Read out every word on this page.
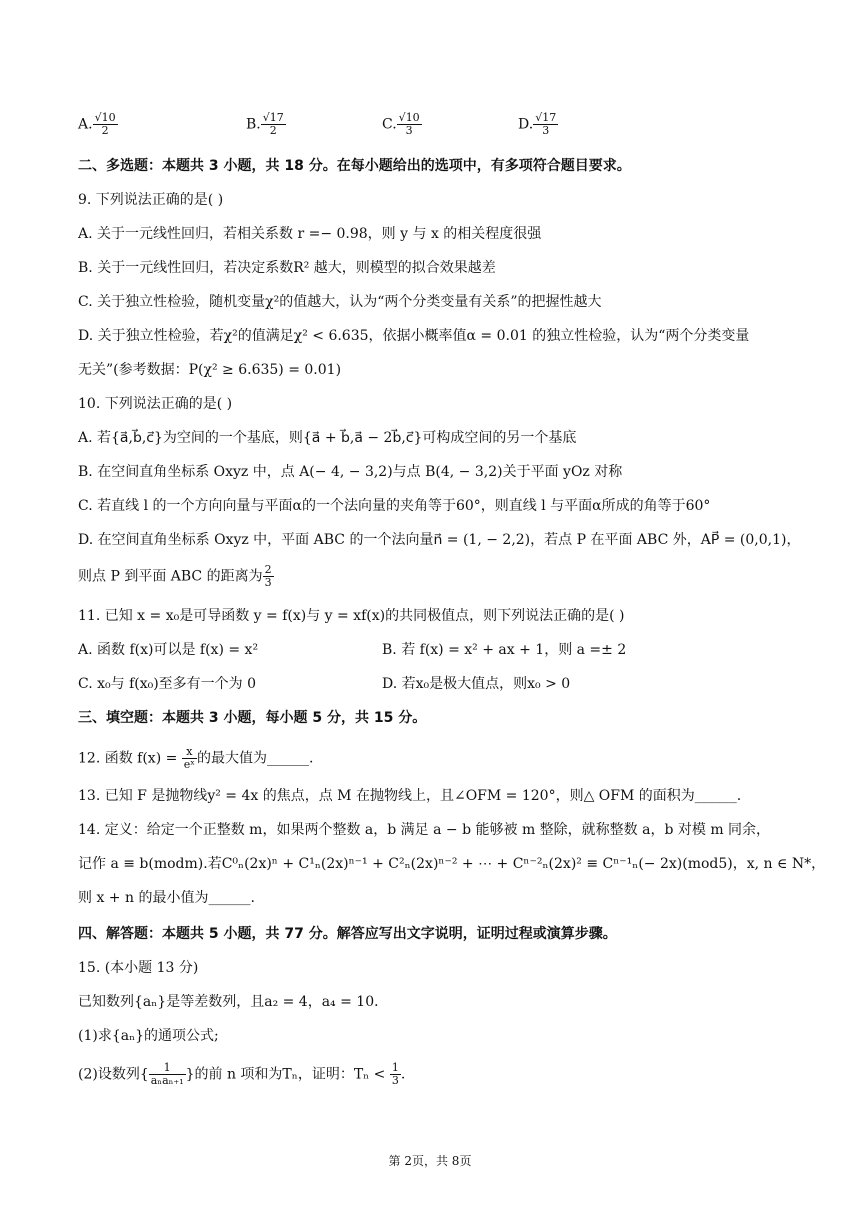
A. $\frac{√10}{2}$	B. $\frac{√17}{2}$	C. $\frac{√10}{3}$	D. $\frac{√17}{3}$
二、多选题：本题共 3 小题，共 18 分。在每小题给出的选项中，有多项符合题目要求。
9. 下列说法正确的是( )
A. 关于一元线性回归，若相关系数 r =− 0.98，则 y 与 x 的相关程度很强
B. 关于一元线性回归，若决定系数R² 越大，则模型的拟合效果越差
C. 关于独立性检验，随机变量χ²的值越大，认为“两个分类变量有关系”的把握性越大
D. 关于独立性检验，若χ²的值满足χ² < 6.635，依据小概率值α = 0.01 的独立性检验，认为“两个分类变量
无关”(参考数据：P(χ² ≥ 6.635) = 0.01)
10. 下列说法正确的是( )
A. 若{a⃗,b⃗,c⃗}为空间的一个基底，则{a⃗ + b⃗,a⃗ − 2b⃗,c⃗}可构成空间的另一个基底
B. 在空间直角坐标系 Oxyz 中，点 A(− 4, − 3,2)与点 B(4, − 3,2)关于平面 yOz 对称
C. 若直线 l 的一个方向向量与平面α的一个法向量的夹角等于60°，则直线 l 与平面α所成的角等于60°
D. 在空间直角坐标系 Oxyz 中，平面 ABC 的一个法向量n⃗ = (1, − 2,2)，若点 P 在平面 ABC 外，AP⃗ = (0,0,1)，
则点 P 到平面 ABC 的距离为 $\frac{2}{3}$
11. 已知 x = x₀是可导函数 y = f(x)与 y = xf(x)的共同极值点，则下列说法正确的是( )
A. 函数 f(x)可以是 f(x) = x²	B. 若 f(x) = x² + ax + 1，则 a =± 2
C. x₀与 f(x₀)至多有一个为 0	D. 若x₀是极大值点，则x₀ > 0
三、填空题：本题共 3 小题，每小题 5 分，共 15 分。
12. 函数 $f(x) = \frac{x}{\text{eˣ}}$ 的最大值为______.
13. 已知 F 是抛物线y² = 4x 的焦点，点 M 在抛物线上，且∠OFM = 120°，则△ OFM 的面积为______.
14. 定义：给定一个正整数 m，如果两个整数 a，b 满足 a − b 能够被 m 整除，就称整数 a，b 对模 m 同余，
记作 a ≡ b(modm).若C⁰ₙ(2x)ⁿ + C¹ₙ(2x)ⁿ⁻¹ + C²ₙ(2x)ⁿ⁻² + ⋯ + Cⁿ⁻²ₙ(2x)² ≡ Cⁿ⁻¹ₙ(− 2x)(mod5)，x, n ∈ N*，
则 x + n 的最小值为______.
四、解答题：本题共 5 小题，共 77 分。解答应写出文字说明，证明过程或演算步骤。
15. (本小题 13 分)
已知数列{aₙ}是等差数列，且a₂ = 4，a₄ = 10．
(1)求{aₙ}的通项公式;
(2)设数列{ $\frac{1}{\text{aₙaₙ₊₁}}$ }的前 n 项和为Tₙ，证明：$T_n < \frac{1}{3}$ .
第 2页，共 8页
